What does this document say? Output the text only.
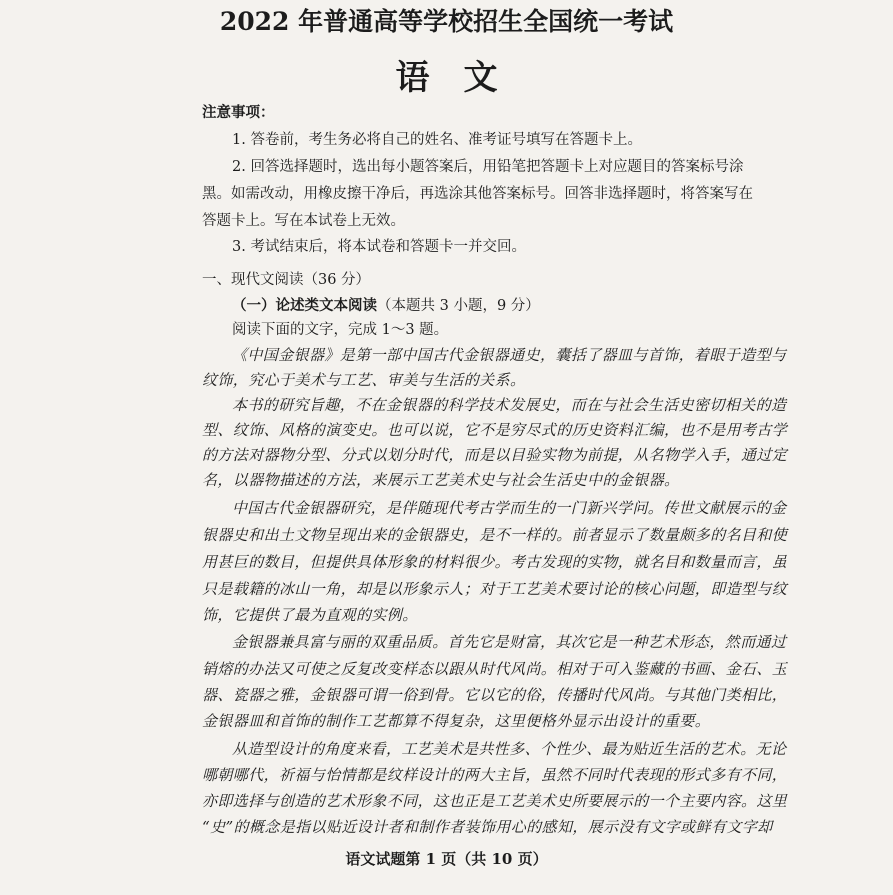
2022 年普通高等学校招生全国统一考试
语文
注意事项：
1. 答卷前，考生务必将自己的姓名、准考证号填写在答题卡上。
2. 回答选择题时，选出每小题答案后，用铅笔把答题卡上对应题目的答案标号涂
黑。如需改动，用橡皮擦干净后，再选涂其他答案标号。回答非选择题时，将答案写在
答题卡上。写在本试卷上无效。
3. 考试结束后，将本试卷和答题卡一并交回。
一、现代文阅读（36 分）
（一）论述类文本阅读（本题共 3 小题，9 分）
阅读下面的文字，完成 1～3 题。
《中国金银器》是第一部中国古代金银器通史，囊括了器皿与首饰，着眼于造型与
纹饰，究心于美术与工艺、审美与生活的关系。
本书的研究旨趣，不在金银器的科学技术发展史，而在与社会生活史密切相关的造
型、纹饰、风格的演变史。也可以说，它不是穷尽式的历史资料汇编，也不是用考古学
的方法对器物分型、分式以划分时代，而是以目验实物为前提，从名物学入手，通过定
名，以器物描述的方法，来展示工艺美术史与社会生活史中的金银器。
中国古代金银器研究，是伴随现代考古学而生的一门新兴学问。传世文献展示的金
银器史和出土文物呈现出来的金银器史，是不一样的。前者显示了数量颇多的名目和使
用甚巨的数目，但提供具体形象的材料很少。考古发现的实物，就名目和数量而言，虽
只是载籍的冰山一角，却是以形象示人；对于工艺美术要讨论的核心问题，即造型与纹
饰，它提供了最为直观的实例。
金银器兼具富与丽的双重品质。首先它是财富，其次它是一种艺术形态，然而通过
销熔的办法又可使之反复改变样态以跟从时代风尚。相对于可入鉴藏的书画、金石、玉
器、瓷器之雅，金银器可谓一俗到骨。它以它的俗，传播时代风尚。与其他门类相比，
金银器皿和首饰的制作工艺都算不得复杂，这里便格外显示出设计的重要。
从造型设计的角度来看，工艺美术是共性多、个性少、最为贴近生活的艺术。无论
哪朝哪代，祈福与怡情都是纹样设计的两大主旨，虽然不同时代表现的形式多有不同，
亦即选择与创造的艺术形象不同，这也正是工艺美术史所要展示的一个主要内容。这里
“史”的概念是指以贴近设计者和制作者装饰用心的感知，展示没有文字或鲜有文字却
语文试题第 1 页（共 10 页）
